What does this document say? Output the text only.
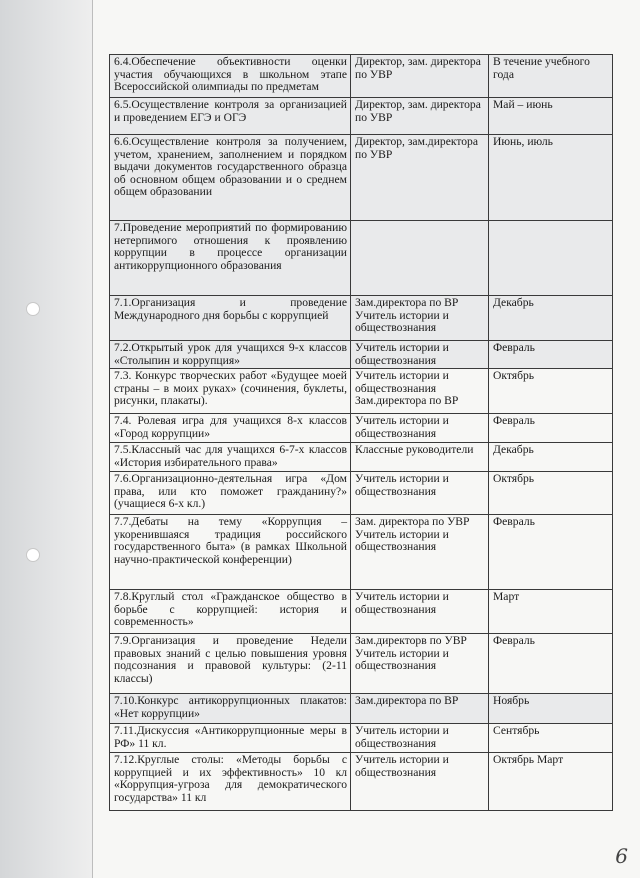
6.4.Обеспечение объективности оценки участия обучающихся в школьном этапе Всероссийской олимпиады по предметам	Директор, зам. директора по УВР	В течение учебного года
6.5.Осуществление контроля за организацией и проведением ЕГЭ и ОГЭ	Директор, зам. директора по УВР	Май – июнь
6.6.Осуществление контроля за получением, учетом, хранением, заполнением и порядком выдачи документов государственного образца об основном общем образовании и о среднем общем образовании	Директор, зам.директора по УВР	Июнь, июль
7.Проведение мероприятий по формированию нетерпимого отношения к проявлению коррупции в процессе организации антикоррупционного образования		
7.1.Организация и проведение Международного дня борьбы с коррупцией	Зам.директора по ВР Учитель истории и обществознания	Декабрь
7.2.Открытый урок для учащихся 9-х классов «Столыпин и коррупция»	Учитель истории и обществознания	Февраль
7.3. Конкурс творческих работ «Будущее моей страны – в моих руках» (сочинения, буклеты, рисунки, плакаты).	Учитель истории и обществознания Зам.директора по ВР	Октябрь
7.4. Ролевая игра для учащихся 8-х классов «Город коррупции»	Учитель истории и обществознания	Февраль
7.5.Классный час для учащихся 6-7-х классов «История избирательного права»	Классные руководители	Декабрь
7.6.Организационно-деятельная игра «Дом права, или кто поможет гражданину?» (учащиеся 6-х кл.)	Учитель истории и обществознания	Октябрь
7.7.Дебаты на тему «Коррупция – укоренившаяся традиция российского государственного быта» (в рамках Школьной научно-практической конференции)	Зам. директора по УВР Учитель истории и обществознания	Февраль
7.8.Круглый стол «Гражданское общество в борьбе с коррупцией: история и современность»	Учитель истории и обществознания	Март
7.9.Организация и проведение Недели правовых знаний с целью повышения уровня подсознания и правовой культуры: (2-11 классы)	Зам.директорв по УВР Учитель истории и обществознания	Февраль
7.10.Конкурс антикоррупционных плакатов: «Нет коррупции»	Зам.директора по ВР	Ноябрь
7.11.Дискуссия «Антикоррупционные меры в РФ» 11 кл.	Учитель истории и обществознания	Сентябрь
7.12.Круглые столы: «Методы борьбы с коррупцией и их эффективность» 10 кл «Коррупция-угроза для демократического государства» 11 кл	Учитель истории и обществознания	Октябрь Март
6
